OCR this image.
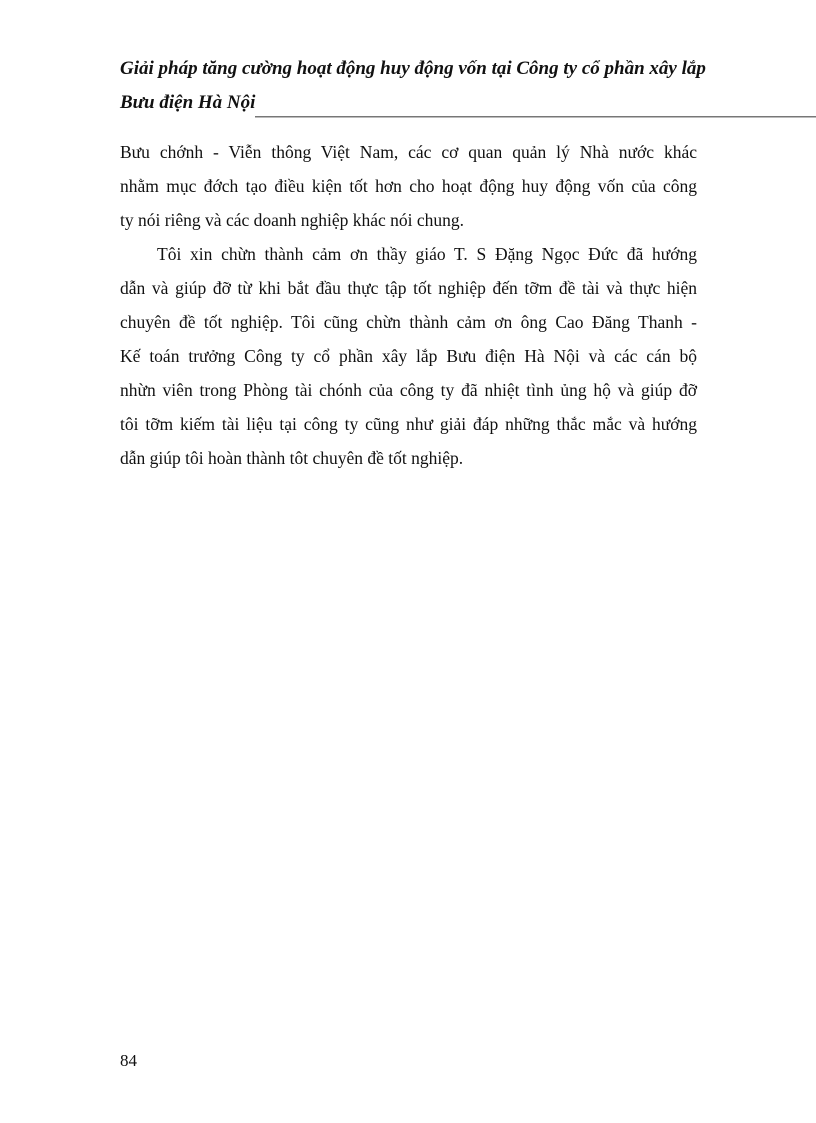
Giải pháp tăng cường hoạt động huy động vốn tại Công ty cổ phần xây lắp
Bưu điện Hà Nội
Bưu chớnh - Viễn thông Việt Nam, các cơ quan quản lý Nhà nước khác
nhằm mục đớch tạo điều kiện tốt hơn cho hoạt động huy động vốn của công
ty nói riêng và các doanh nghiệp khác nói chung.
Tôi xin chừn thành cảm ơn thầy giáo T. S Đặng Ngọc Đức đã hướng
dẫn và giúp đỡ từ khi bắt đầu thực tập tốt nghiệp đến tỡm đề tài và thực hiện
chuyên đề tốt nghiệp. Tôi cũng chừn thành cảm ơn ông Cao Đăng Thanh -
Kế toán trưởng Công ty cổ phần xây lắp Bưu điện Hà Nội và các cán bộ
nhừn viên trong Phòng tài chónh của công ty đã nhiệt tình ủng hộ và giúp đỡ
tôi tỡm kiếm tài liệu tại công ty cũng như giải đáp những thắc mắc và hướng
dẫn giúp tôi hoàn thành tôt chuyên đề tốt nghiệp.
84
